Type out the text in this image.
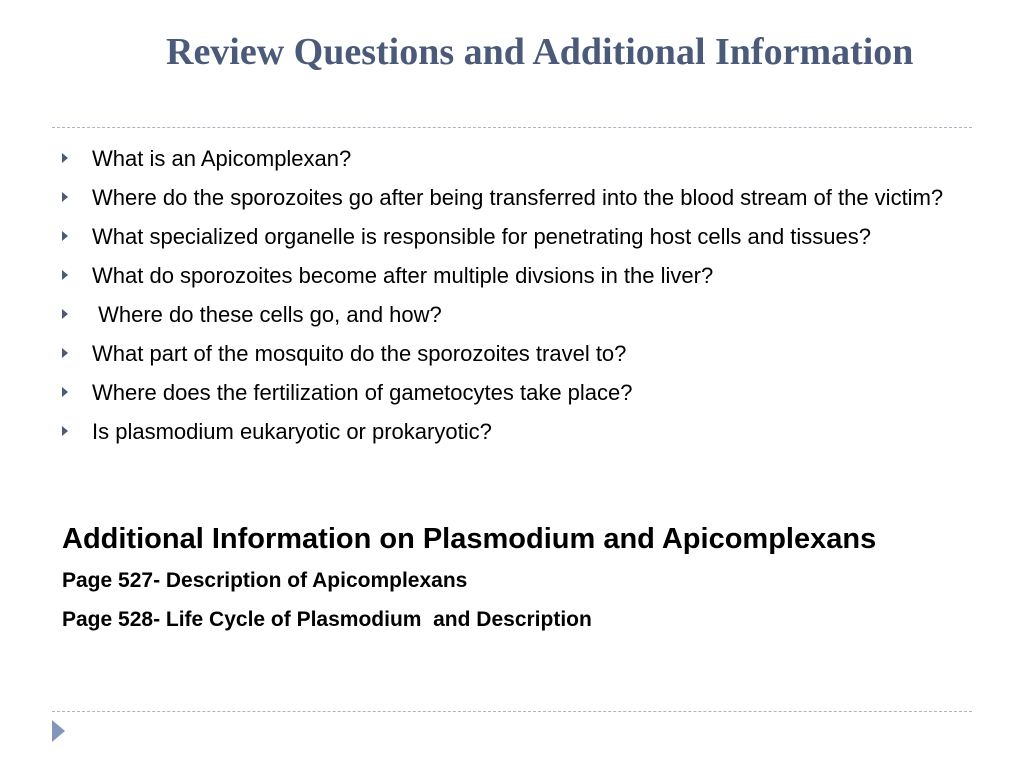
Review Questions and Additional Information
What is an Apicomplexan?
Where do the sporozoites go after being transferred into the blood stream of the victim?
What specialized organelle is responsible for penetrating host cells and tissues?
What do sporozoites become after multiple divsions in the liver?
Where do these cells go, and how?
What part of the mosquito do the sporozoites travel to?
Where does the fertilization of gametocytes take place?
Is plasmodium eukaryotic or prokaryotic?

Additional Information on Plasmodium and Apicomplexans

Page 527- Description of Apicomplexans

Page 528- Life Cycle of Plasmodium  and Description
